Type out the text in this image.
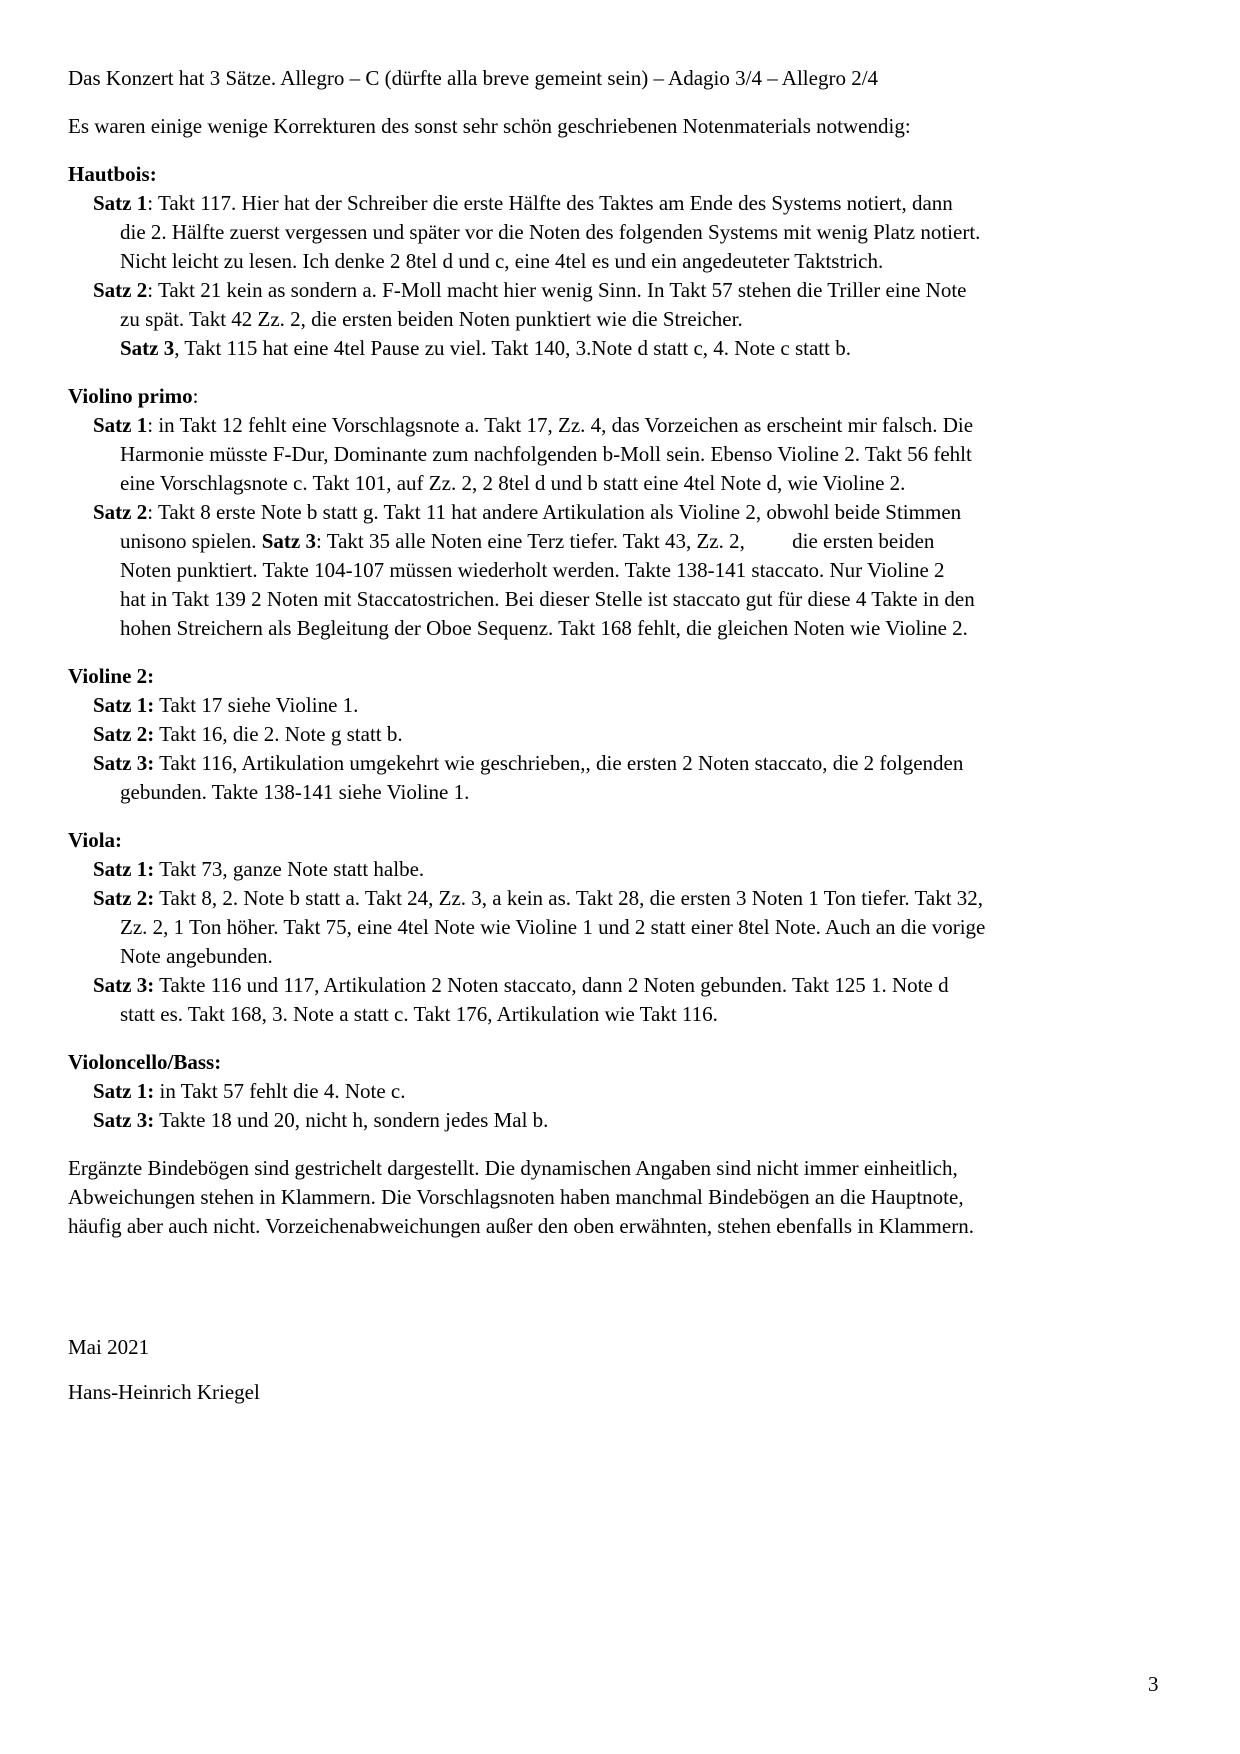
Das Konzert hat 3 Sätze. Allegro – C (dürfte alla breve gemeint sein) – Adagio 3/4 – Allegro 2/4
Es waren einige wenige Korrekturen des sonst sehr schön geschriebenen Notenmaterials notwendig:
Hautbois:
Satz 1: Takt 117. Hier hat der Schreiber die erste Hälfte des Taktes am Ende des Systems notiert, dann
die 2. Hälfte zuerst vergessen und später vor die Noten des folgenden Systems mit wenig Platz notiert.
Nicht leicht zu lesen. Ich denke 2 8tel d und c, eine 4tel es und ein angedeuteter Taktstrich.
Satz 2: Takt 21 kein as sondern a. F-Moll macht hier wenig Sinn. In Takt 57 stehen die Triller eine Note
zu spät. Takt 42 Zz. 2, die ersten beiden Noten punktiert wie die Streicher.
Satz 3, Takt 115 hat eine 4tel Pause zu viel. Takt 140, 3.Note d statt c, 4. Note c statt b.
Violino primo:
Satz 1: in Takt 12 fehlt eine Vorschlagsnote a. Takt 17, Zz. 4, das Vorzeichen as erscheint mir falsch. Die
Harmonie müsste F-Dur, Dominante zum nachfolgenden b-Moll sein. Ebenso Violine 2. Takt 56 fehlt
eine Vorschlagsnote c. Takt 101, auf Zz. 2, 2 8tel d und b statt eine 4tel Note d, wie Violine 2.
Satz 2: Takt 8 erste Note b statt g. Takt 11 hat andere Artikulation als Violine 2, obwohl beide Stimmen
unisono spielen. Satz 3: Takt 35 alle Noten eine Terz tiefer. Takt 43, Zz. 2,         die ersten beiden
Noten punktiert. Takte 104-107 müssen wiederholt werden. Takte 138-141 staccato. Nur Violine 2
hat in Takt 139 2 Noten mit Staccatostrichen. Bei dieser Stelle ist staccato gut für diese 4 Takte in den
hohen Streichern als Begleitung der Oboe Sequenz. Takt 168 fehlt, die gleichen Noten wie Violine 2.
Violine 2:
Satz 1: Takt 17 siehe Violine 1.
Satz 2: Takt 16, die 2. Note g statt b.
Satz 3: Takt 116, Artikulation umgekehrt wie geschrieben,, die ersten 2 Noten staccato, die 2 folgenden
gebunden. Takte 138-141 siehe Violine 1.
Viola:
Satz 1: Takt 73, ganze Note statt halbe.
Satz 2: Takt 8, 2. Note b statt a. Takt 24, Zz. 3, a kein as. Takt 28, die ersten 3 Noten 1 Ton tiefer. Takt 32,
Zz. 2, 1 Ton höher. Takt 75, eine 4tel Note wie Violine 1 und 2 statt einer 8tel Note. Auch an die vorige
Note angebunden.
Satz 3: Takte 116 und 117, Artikulation 2 Noten staccato, dann 2 Noten gebunden. Takt 125 1. Note d
statt es. Takt 168, 3. Note a statt c. Takt 176, Artikulation wie Takt 116.
Violoncello/Bass:
Satz 1: in Takt 57 fehlt die 4. Note c.
Satz 3: Takte 18 und 20, nicht h, sondern jedes Mal b.
Ergänzte Bindebögen sind gestrichelt dargestellt. Die dynamischen Angaben sind nicht immer einheitlich,
Abweichungen stehen in Klammern. Die Vorschlagsnoten haben manchmal Bindebögen an die Hauptnote,
häufig aber auch nicht. Vorzeichenabweichungen außer den oben erwähnten, stehen ebenfalls in Klammern.
Mai 2021
Hans-Heinrich Kriegel
3
